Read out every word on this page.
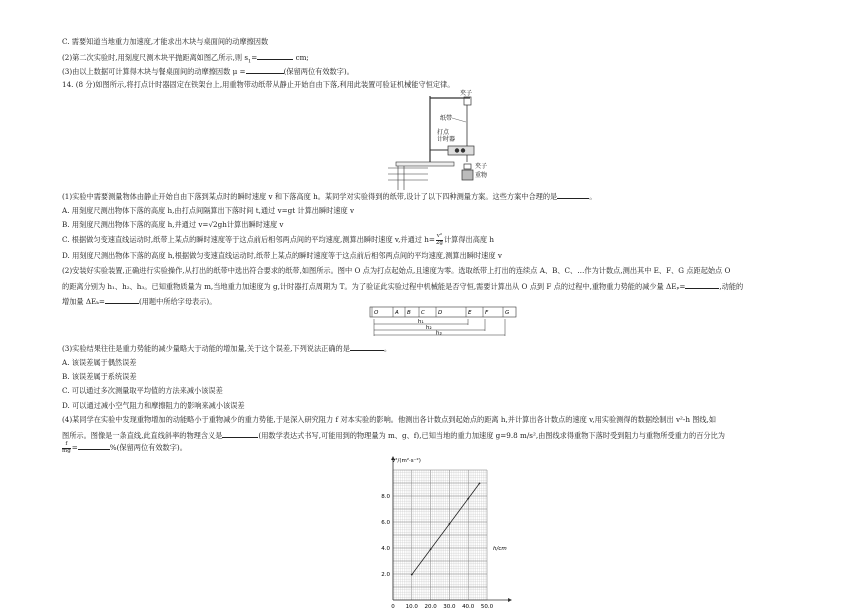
C. 需要知道当地重力加速度,才能求出木块与桌面间的动摩擦因数
(2)第二次实验时,用刻度尺测木块平抛距离如图乙所示,则 $s_1=$	cm;
(3)由以上数据可计算得木块与餐桌面间的动摩擦因数 μ =	(保留两位有效数字)。
14. (8 分)如图所示,将打点计时器固定在铁架台上,用重物带动纸带从静止开始自由下落,利用此装置可验证机械能守恒定律。
夹子
纸带
打点
计时器
夹子
重物
(1)实验中需要测量物体由静止开始自由下落到某点时的瞬时速度 v 和下落高度 h。某同学对实验得到的纸带,设计了以下四种测量方案。这些方案中合理的是	。
A. 用刻度尺测出物体下落的高度 h,由打点间隔算出下落时间 t,通过 v=gt 计算出瞬时速度 v
B. 用刻度尺测出物体下落的高度 h,并通过 v=√2gh计算出瞬时速度 v
C. 根据做匀变速直线运动时,纸带上某点的瞬时速度等于这点前后相邻两点间的平均速度,测算出瞬时速度 v,并通过 $h= \frac{\text{v²}}{2g}$ 计算得出高度 h
D. 用刻度尺测出物体下落的高度 h,根据做匀变速直线运动时,纸带上某点的瞬时速度等于这点前后相邻两点间的平均速度,测算出瞬时速度 v
(2)安装好实验装置,正确进行实验操作,从打出的纸带中选出符合要求的纸带,如图所示。图中 O 点为打点起始点,且速度为零。选取纸带上打出的连续点 A、B、C、…作为计数点,测出其中 E、F、G 点距起始点 O
的距离分别为 h₁、h₂、h₃。已知重物质量为 m,当地重力加速度为 g,计时器打点周期为 T。为了验证此实验过程中机械能是否守恒,需要计算出从 O 点到 F 点的过程中,重物重力势能的减少量 ΔEₚ=	,动能的
增加量 ΔEₖ=	(用题中所给字母表示)。
O	A B C D	E F	G
h₁
h₂
h₃
(3)实验结果往往是重力势能的减少量略大于动能的增加量,关于这个误差,下列说法正确的是	。
A. 该误差属于偶然误差
B. 该误差属于系统误差
C. 可以通过多次测量取平均值的方法来减小该误差
D. 可以通过减小空气阻力和摩擦阻力的影响来减小该误差
(4)某同学在实验中发现重物增加的动能略小于重物减少的重力势能,于是深入研究阻力 f 对本实验的影响。他测出各计数点到起始点的距离 h,并计算出各计数点的速度 v,用实验测得的数据绘制出 v²-h 图线,如
图所示。图像是一条直线,此直线斜率的物理含义是	(用数学表达式书写,可能用到的物理量为 m、g、f),已知当地的重力加速度 g=9.8 m/s²,由图线求得重物下落时受到阻力与重物所受重力的百分比为
$\frac{f}{mg}$ =	%(保留两位有效数字)。
0 10.0 20.0 30.0 40.0 50.0
2.0
4.0
6.0
8.0
v²/(m²·s⁻²)
h/cm
